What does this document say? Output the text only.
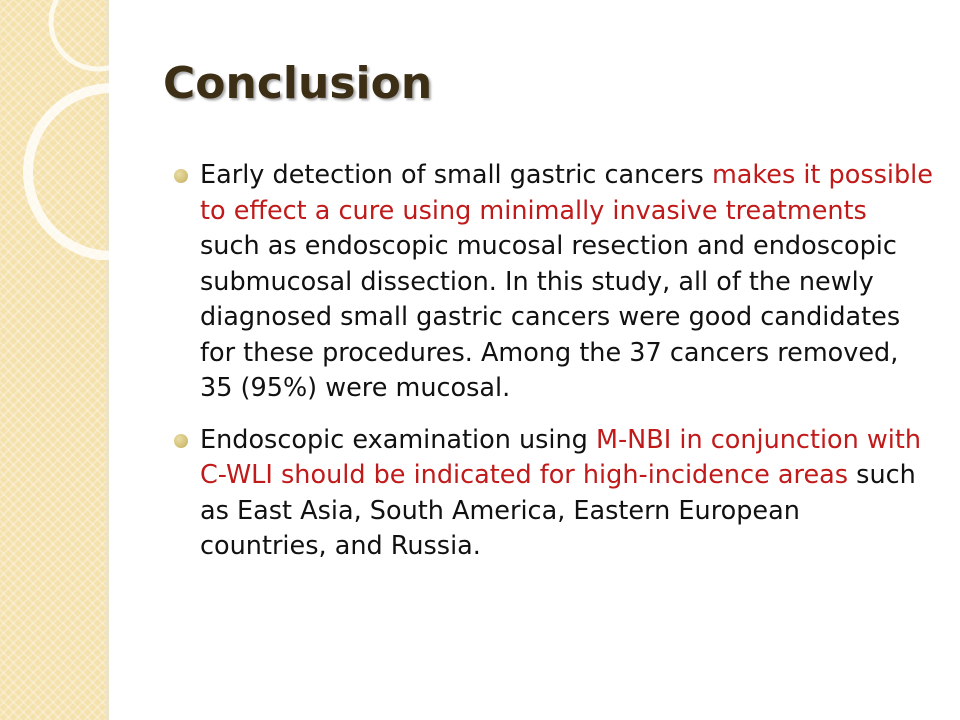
Conclusion
Early detection of small gastric cancers makes it possible to effect a cure using minimally invasive treatments such as endoscopic mucosal resection and endoscopic submucosal dissection. In this study, all of the newly diagnosed small gastric cancers were good candidates for these procedures. Among the 37 cancers removed, 35 (95%) were mucosal.
Endoscopic examination using M-NBI in conjunction with C-WLI should be indicated for high-incidence areas such as East Asia, South America, Eastern European countries, and Russia.
